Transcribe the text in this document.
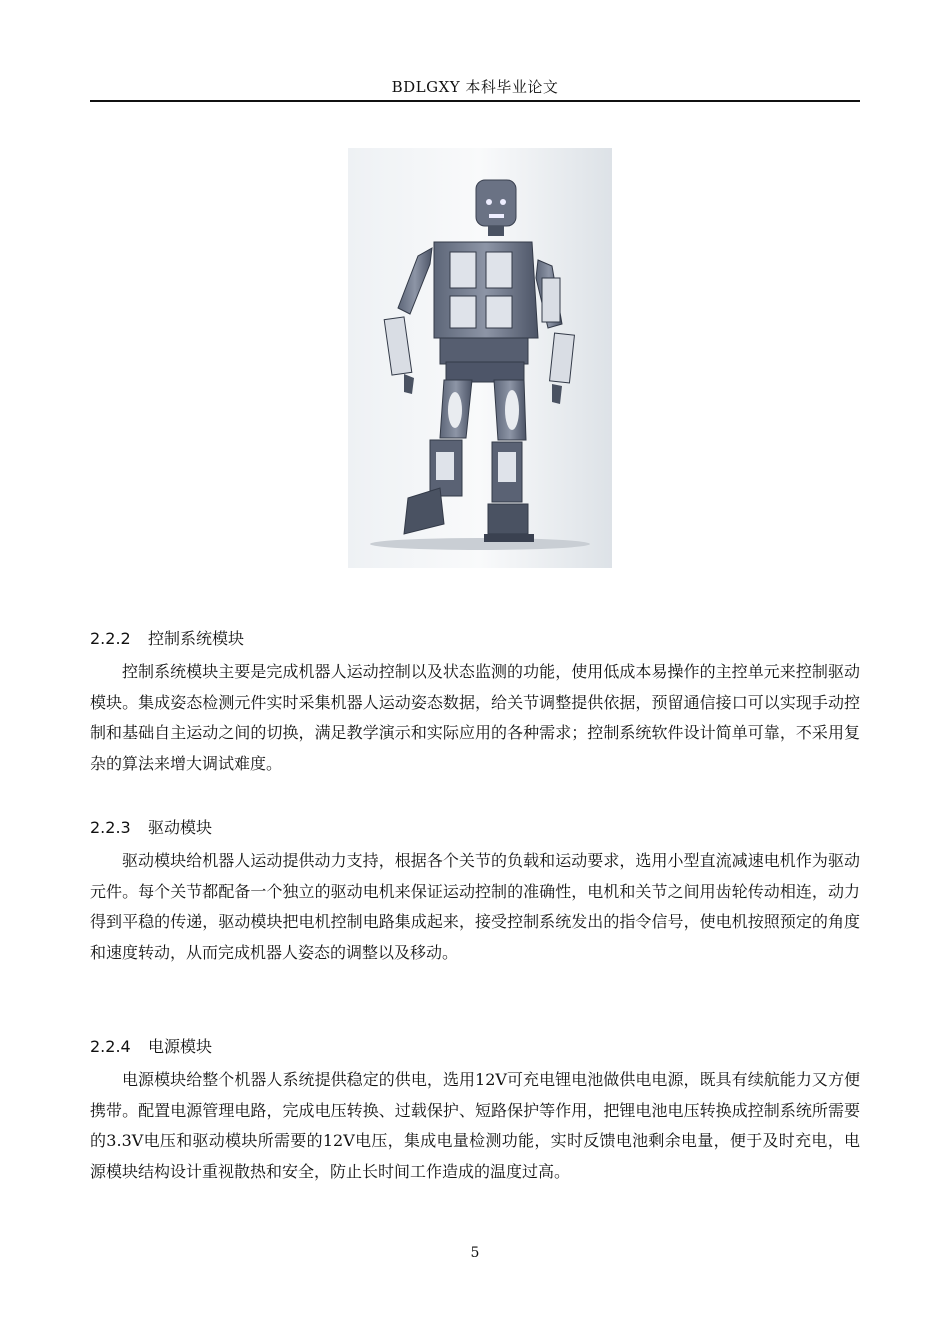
BDLGXY 本科毕业论文
2.2.2 控制系统模块

控制系统模块主要是完成机器人运动控制以及状态监测的功能，使用低成本易操作的主控单元来控制驱动模块。集成姿态检测元件实时采集机器人运动姿态数据，给关节调整提供依据，预留通信接口可以实现手动控制和基础自主运动之间的切换，满足教学演示和实际应用的各种需求；控制系统软件设计简单可靠，不采用复杂的算法来增大调试难度。

2.2.3 驱动模块

驱动模块给机器人运动提供动力支持，根据各个关节的负载和运动要求，选用小型直流减速电机作为驱动元件。每个关节都配备一个独立的驱动电机来保证运动控制的准确性，电机和关节之间用齿轮传动相连，动力得到平稳的传递，驱动模块把电机控制电路集成起来，接受控制系统发出的指令信号，使电机按照预定的角度和速度转动，从而完成机器人姿态的调整以及移动。

2.2.4 电源模块

电源模块给整个机器人系统提供稳定的供电，选用12V可充电锂电池做供电电源，既具有续航能力又方便携带。配置电源管理电路，完成电压转换、过载保护、短路保护等作用，把锂电池电压转换成控制系统所需要的3.3V电压和驱动模块所需要的12V电压，集成电量检测功能，实时反馈电池剩余电量，便于及时充电，电源模块结构设计重视散热和安全，防止长时间工作造成的温度过高。

5
